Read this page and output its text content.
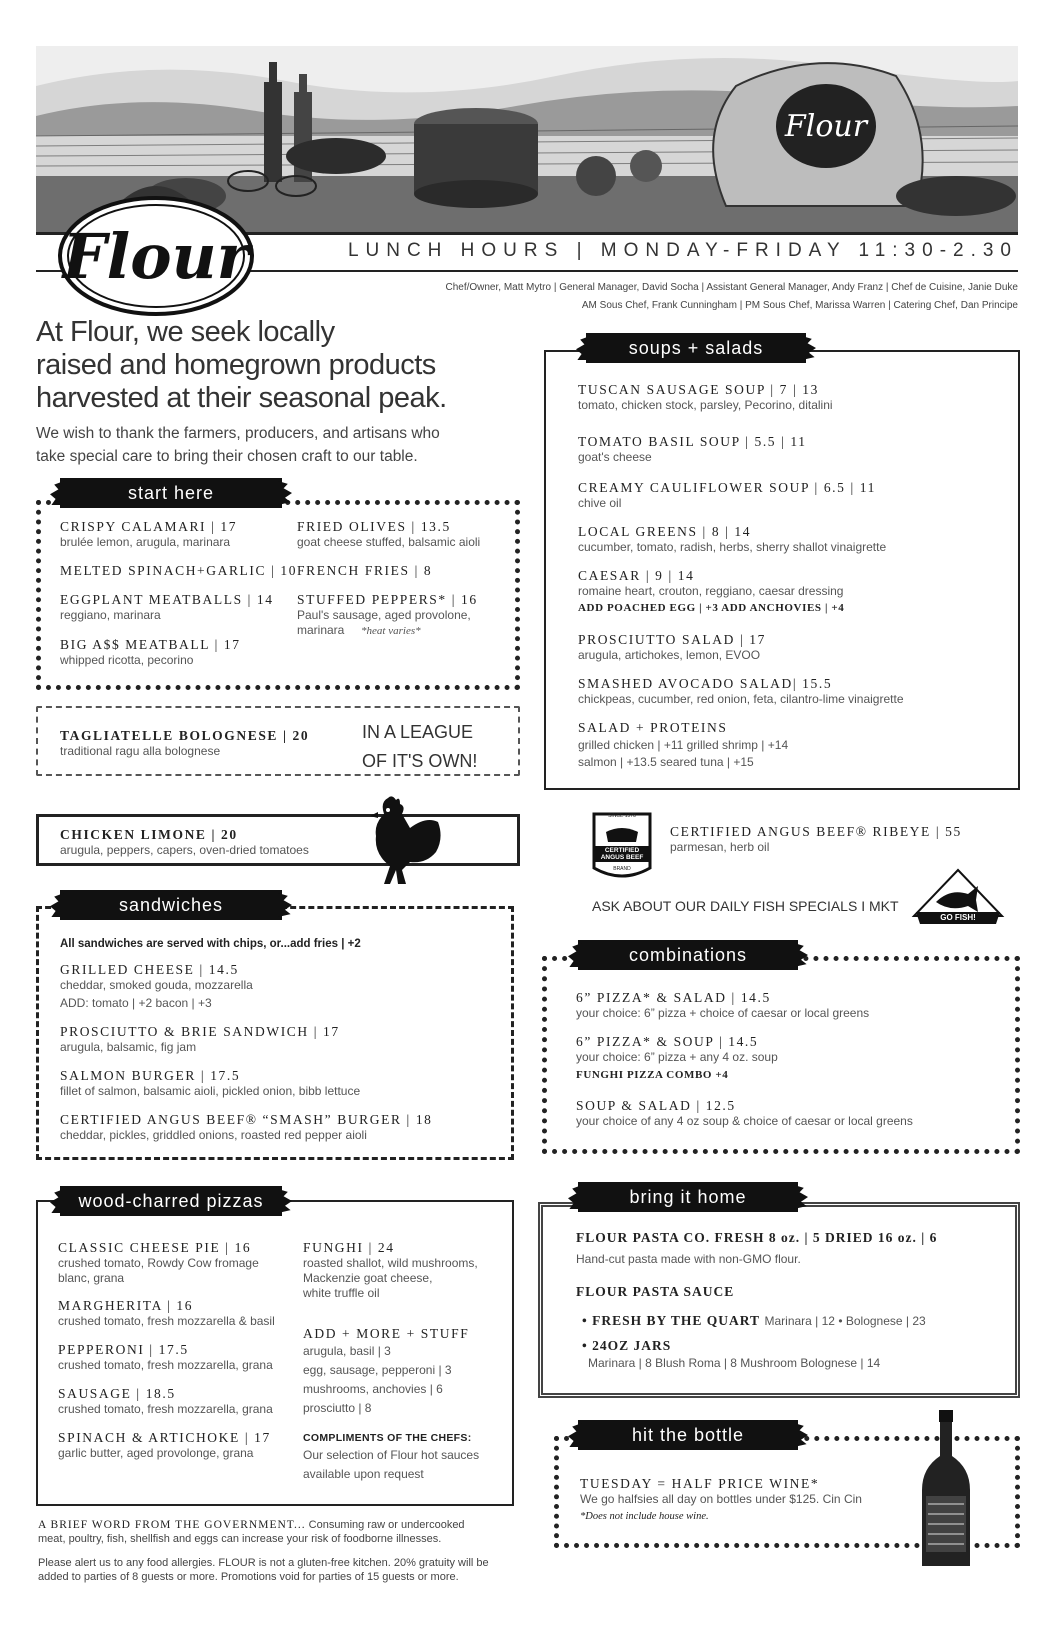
Flour
LUNCH HOURS | MONDAY-FRIDAY 11:30-2.30
Flour	Chef/Owner, Matt Mytro | General Manager, David Socha | Assistant General Manager, Andy Franz | Chef de Cuisine, Janie Duke
AM Sous Chef, Frank Cunningham | PM Sous Chef, Marissa Warren | Catering Chef, Dan Principe
At Flour, we seek locally
raised and homegrown products
harvested at their seasonal peak.
We wish to thank the farmers, producers, and artisans who
take special care to bring their chosen craft to our table.
start here
CRISPY CALAMARI | 17
brulée lemon, arugula, marinara
FRIED OLIVES | 13.5
goat cheese stuffed, balsamic aioli
MELTED SPINACH+GARLIC | 10 FRENCH FRIES | 8
EGGPLANT MEATBALLS | 14
reggiano, marinara
STUFFED PEPPERS* | 16
Paul's sausage, aged provolone,
marinara *heat varies*
BIG A$$ MEATBALL | 17
whipped ricotta, pecorino
TAGLIATELLE BOLOGNESE | 20
traditional ragu alla bolognese
IN A LEAGUE
OF IT'S OWN!
CHICKEN LIMONE | 20
arugula, peppers, capers, oven-dried tomatoes
soups + salads
TUSCAN SAUSAGE SOUP | 7 | 13
tomato, chicken stock, parsley, Pecorino, ditalini
TOMATO BASIL SOUP | 5.5 | 11
goat's cheese
CREAMY CAULIFLOWER SOUP | 6.5 | 11
chive oil
LOCAL GREENS | 8 | 14
cucumber, tomato, radish, herbs, sherry shallot vinaigrette
CAESAR | 9 | 14
romaine heart, crouton, reggiano, caesar dressing
ADD POACHED EGG | +3 ADD ANCHOVIES | +4
PROSCIUTTO SALAD | 17
arugula, artichokes, lemon, EVOO
SMASHED AVOCADO SALAD| 15.5
chickpeas, cucumber, red onion, feta, cilantro-lime vinaigrette
SALAD + PROTEINS
grilled chicken | +11 grilled shrimp | +14
salmon | +13.5 seared tuna | +15
SINCE 1978
CERTIFIED ANGUS BEEF
BRAND
CERTIFIED ANGUS BEEF® RIBEYE | 55
parmesan, herb oil
ASK ABOUT OUR DAILY FISH SPECIALS I MKT
GO FISH!
sandwiches
All sandwiches are served with chips, or...add fries | +2
GRILLED CHEESE | 14.5
cheddar, smoked gouda, mozzarella
ADD: tomato | +2 bacon | +3
PROSCIUTTO & BRIE SANDWICH | 17
arugula, balsamic, fig jam
SALMON BURGER | 17.5
fillet of salmon, balsamic aioli, pickled onion, bibb lettuce
CERTIFIED ANGUS BEEF® “SMASH” BURGER | 18
cheddar, pickles, griddled onions, roasted red pepper aioli
combinations
6” PIZZA* & SALAD | 14.5
your choice: 6” pizza + choice of caesar or local greens
6” PIZZA* & SOUP | 14.5
your choice: 6” pizza + any 4 oz. soup
FUNGHI PIZZA COMBO +4
SOUP & SALAD | 12.5
your choice of any 4 oz soup & choice of caesar or local greens
wood-charred pizzas
CLASSIC CHEESE PIE | 16
crushed tomato, Rowdy Cow fromage
blanc, grana
MARGHERITA | 16
crushed tomato, fresh mozzarella & basil
PEPPERONI | 17.5
crushed tomato, fresh mozzarella, grana
SAUSAGE | 18.5
crushed tomato, fresh mozzarella, grana
SPINACH & ARTICHOKE | 17
garlic butter, aged provolonge, grana
FUNGHI | 24
roasted shallot, wild mushrooms,
Mackenzie goat cheese,
white truffle oil
ADD + MORE + STUFF
arugula, basil | 3
egg, sausage, pepperoni | 3
mushrooms, anchovies | 6
prosciutto | 8
COMPLIMENTS OF THE CHEFS:
Our selection of Flour hot sauces
available upon request
bring it home
FLOUR PASTA CO. FRESH 8 oz. | 5 DRIED 16 oz. | 6
Hand-cut pasta made with non-GMO flour.
FLOUR PASTA SAUCE
• FRESH BY THE QUART Marinara | 12 • Bolognese | 23
• 24OZ JARS
Marinara | 8 Blush Roma | 8 Mushroom Bolognese | 14
hit the bottle
TUESDAY = HALF PRICE WINE*
We go halfsies all day on bottles under $125. Cin Cin
*Does not include house wine.
A BRIEF WORD FROM THE GOVERNMENT... Consuming raw or undercooked
meat, poultry, fish, shellfish and eggs can increase your risk of foodborne illnesses.
Please alert us to any food allergies. FLOUR is not a gluten-free kitchen. 20% gratuity will be
added to parties of 8 guests or more. Promotions void for parties of 15 guests or more.
